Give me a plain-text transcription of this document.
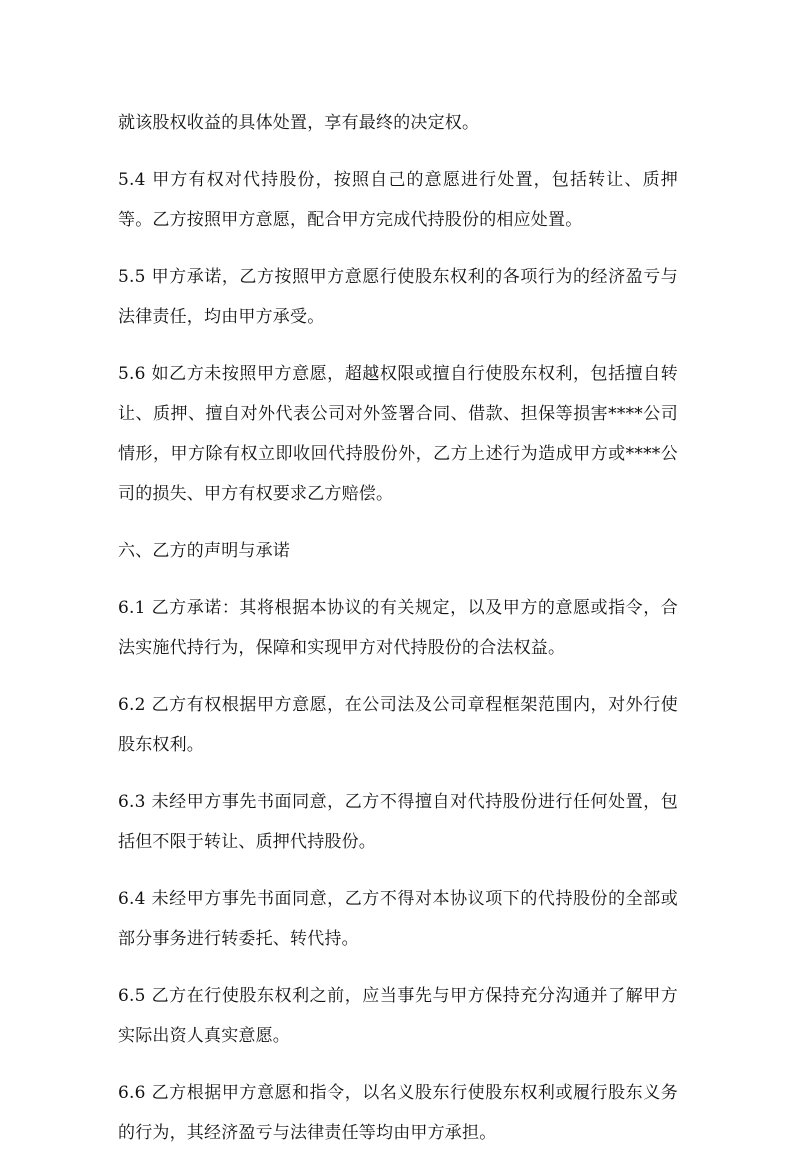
就该股权收益的具体处置，享有最终的决定权。

5.4 甲方有权对代持股份，按照自己的意愿进行处置，包括转让、质押等。乙方按照甲方意愿，配合甲方完成代持股份的相应处置。

5.5 甲方承诺，乙方按照甲方意愿行使股东权利的各项行为的经济盈亏与法律责任，均由甲方承受。

5.6 如乙方未按照甲方意愿，超越权限或擅自行使股东权利，包括擅自转让、质押、擅自对外代表公司对外签署合同、借款、担保等损害****公司情形，甲方除有权立即收回代持股份外，乙方上述行为造成甲方或****公司的损失、甲方有权要求乙方赔偿。

六、乙方的声明与承诺

6.1 乙方承诺：其将根据本协议的有关规定，以及甲方的意愿或指令，合法实施代持行为，保障和实现甲方对代持股份的合法权益。

6.2 乙方有权根据甲方意愿，在公司法及公司章程框架范围内，对外行使股东权利。

6.3 未经甲方事先书面同意，乙方不得擅自对代持股份进行任何处置，包括但不限于转让、质押代持股份。

6.4 未经甲方事先书面同意，乙方不得对本协议项下的代持股份的全部或部分事务进行转委托、转代持。

6.5 乙方在行使股东权利之前，应当事先与甲方保持充分沟通并了解甲方实际出资人真实意愿。

6.6 乙方根据甲方意愿和指令，以名义股东行使股东权利或履行股东义务的行为，其经济盈亏与法律责任等均由甲方承担。
